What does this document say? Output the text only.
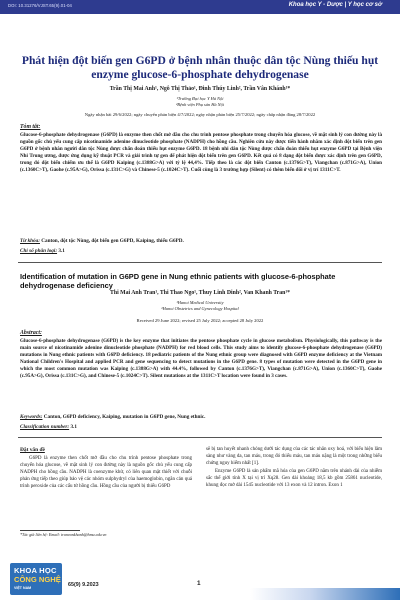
DOI: 10.31276/VJST.65(9).01-04	Khoa học Y - Dược | Y học cơ sở
Phát hiện đột biến gen G6PD ở bệnh nhân thuộc dân tộc Nùng thiếu hụt enzyme glucose-6-phosphate dehydrogenase
Trần Thị Mai Anh¹, Ngô Thị Thảo¹, Đinh Thúy Linh², Trần Vân Khánh¹*
¹Trường Đại học Y Hà Nội
²Bệnh viện Phụ sản Hà Nội
Ngày nhận bài 29/6/2022; ngày chuyển phản biện 4/7/2022; ngày nhận phản biện 25/7/2022; ngày chấp nhận đăng 28/7/2022
Tóm tắt:
Glucose-6-phosphate dehydrogenase (G6PD) là enzyme then chốt mở đầu cho chu trình pentose phosphate trong chuyển hóa glucose, về mặt sinh lý con đường này là nguồn gốc chủ yếu cung cấp nicotinamide adenine dinucleotide phosphate (NADPH) cho hồng cầu. Nghiên cứu này được tiến hành nhằm xác định đột biến trên gen G6PD ở bệnh nhân người dân tộc Nùng được chẩn đoán thiếu hụt enzyme G6PD. 18 bệnh nhi dân tộc Nùng được chẩn đoán thiếu hụt enzyme G6PD tại Bệnh viện Nhi Trung ương, được ứng dụng kỹ thuật PCR và giải trình tự gen để phát hiện đột biến trên gen G6PD. Kết quả có 8 dạng đột biến được xác định trên gen G6PD, trong đó đột biến chiếm ưu thế là G6PD Kaiping (c.1388G>A) với tỷ lệ 44,4%. Tiếp theo là các đột biến Canton (c.1376G>T), Viangchan (c.871G>A), Union (c.1360C>T), Gaohe (c.95A>G), Orissa (c.131C>G) và Chinese-5 (c.1024C>T). Cuối cùng là 3 trường hợp (Silent) có thêm biến đổi ở vị trí 1311C>T.
Từ khóa: Canton, đột tộc Nùng, đột biến gen G6PD, Kaiping, thiếu G6PD.
Chỉ số phân loại: 3.1
Identification of mutation in G6PD gene in Nung ethnic patients with glucose-6-phosphate dehydrogenase deficiency
Thi Mai Anh Tran¹, Thi Thao Ngo¹, Thuy Linh Dinh², Van Khanh Tran¹*
¹Hanoi Medical University
²Hanoi Obstetrics and Gynecology Hospital
Received 29 June 2022; revised 25 July 2022; accepted 28 July 2022
Abstract:
Glucose-6-phosphate dehydrogenase (G6PD) is the key enzyme that initiates the pentose phosphate cycle in glucose metabolism. Physiologically, this pathway is the main source of nicotinamide adenine dinucleotide phosphate (NADPH) for red blood cells. This study aims to identify glucose-6-phosphate dehydrogenase (G6PD) mutations in Nung ethnic patients with G6PD deficiency. 18 pediatric patients of the Nung ethnic group were diagnosed with G6PD enzyme deficiency at the Vietnam National Children's Hospital and applied PCR and gene sequencing to detect mutations in the G6PD gene. 8 types of mutation were detected in the G6PD gene in which the most common mutation was Kaiping (c.1388G>A) with 44.4%, followed by Canton (c.1376G>T), Viangchan (c.871G>A), Union (c.1360C>T), Gaohe (c.95A>G), Orissa (c.131C>G), and Chinese-5 (c.1024C>T). Silent mutations at the 1311C>T location were found in 3 cases.
Keywords: Canton, G6PD deficiency, Kaiping, mutation in G6PD gene, Nung ethnic.
Classification number: 3.1
Đặt vấn đề

G6PD là enzyme then chốt mở đầu cho chu trình pentose phosphate trong chuyển hóa glucose, về mặt sinh lý con đường này là nguồn gốc chủ yếu cung cấp NADPH cho hồng cầu. NADPH là coenzyme khử, có liên quan mật thiết với chuỗi phản ứng tiếp theo giúp bảo vệ các nhóm sulphydryl của haemoglobin, ngăn cản quá trình peroxide của các cấu tử hồng cầu. Hồng cầu của người bị thiếu G6PD

sẽ bị tan huyết nhanh chóng dưới tác dụng của các tác nhân oxy hoá, với biểu hiện lâm sàng như vàng da, tan máu, trong đó thiếu máu, tan máu nặng là một trong những biểu chứng nguy hiểm nhất [1].

Enzyme G6PD là sản phẩm mã hóa của gen G6PD nằm trên nhánh dài của nhiễm sắc thể giới tính X tại vị trí Xq28. Gen dài khoảng 18,5 kb gồm 25861 nucleotide, khung đọc mở dài 1545 nucleotide với 13 exon và 12 intron. Exon 1

*Tác giả liên hệ: Email: tranvankhanh@hmu.edu.vn
KHOA HỌC
CÔNG NGHỆ
VIỆT NAM	65(9) 9.2023	1
